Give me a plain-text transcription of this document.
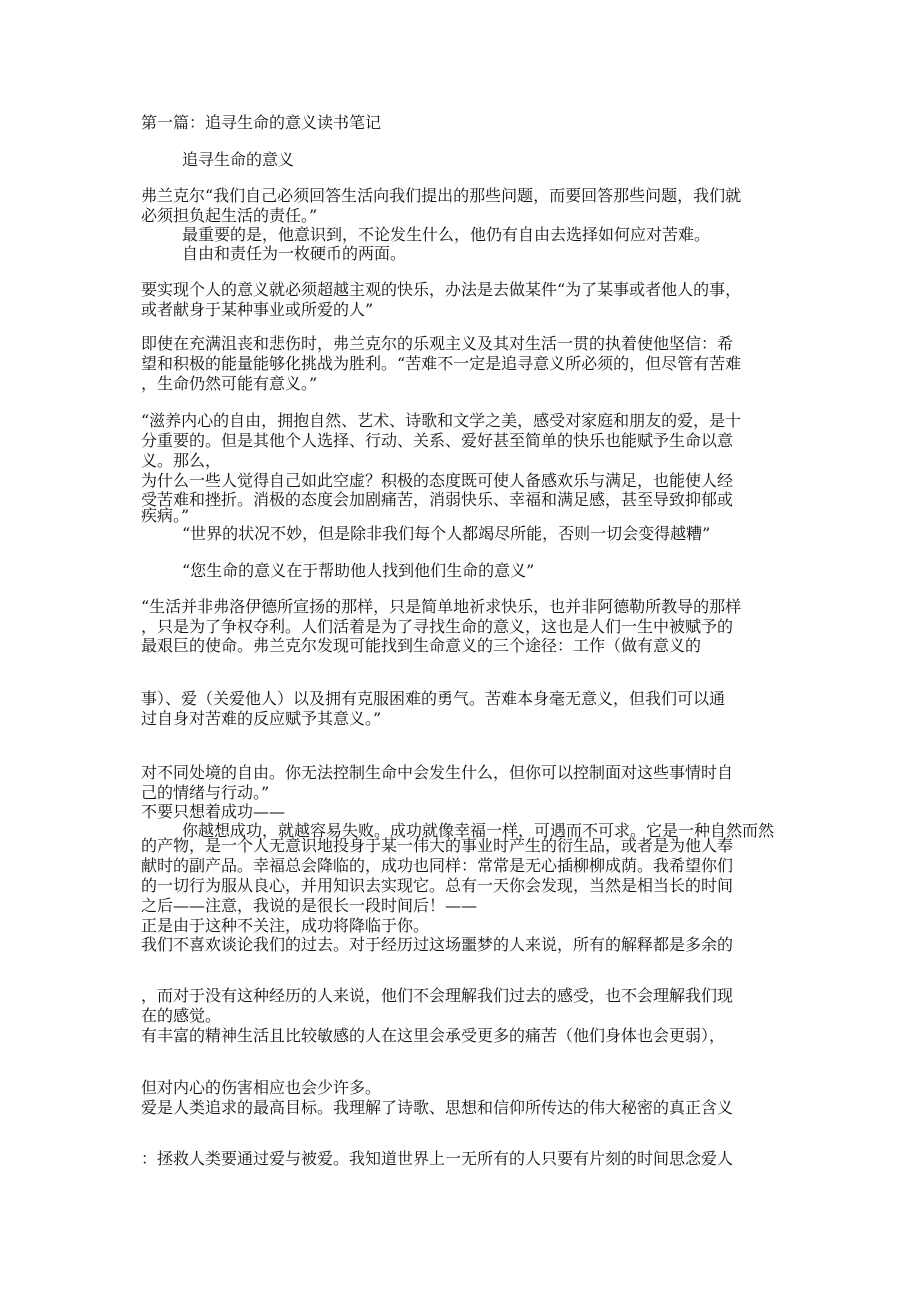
第一篇：追寻生命的意义读书笔记
追寻生命的意义
弗兰克尔“我们自己必须回答生活向我们提出的那些问题，而要回答那些问题，我们就
必须担负起生活的责任。”
最重要的是，他意识到，不论发生什么，他仍有自由去选择如何应对苦难。
自由和责任为一枚硬币的两面。
要实现个人的意义就必须超越主观的快乐，办法是去做某件“为了某事或者他人的事，
或者献身于某种事业或所爱的人”
即使在充满沮丧和悲伤时，弗兰克尔的乐观主义及其对生活一贯的执着使他坚信：希
望和积极的能量能够化挑战为胜利。“苦难不一定是追寻意义所必须的，但尽管有苦难
，生命仍然可能有意义。”
“滋养内心的自由，拥抱自然、艺术、诗歌和文学之美，感受对家庭和朋友的爱，是十
分重要的。但是其他个人选择、行动、关系、爱好甚至简单的快乐也能赋予生命以意
义。那么，
为什么一些人觉得自己如此空虚？积极的态度既可使人备感欢乐与满足，也能使人经
受苦难和挫折。消极的态度会加剧痛苦，消弱快乐、幸福和满足感，甚至导致抑郁或
疾病。”
“世界的状况不妙，但是除非我们每个人都竭尽所能，否则一切会变得越糟”
“您生命的意义在于帮助他人找到他们生命的意义”
“生活并非弗洛伊德所宣扬的那样，只是简单地祈求快乐，也并非阿德勒所教导的那样
，只是为了争权夺利。人们活着是为了寻找生命的意义，这也是人们一生中被赋予的
最艰巨的使命。弗兰克尔发现可能找到生命意义的三个途径：工作（做有意义的
事）、爱（关爱他人）以及拥有克服困难的勇气。苦难本身毫无意义，但我们可以通
过自身对苦难的反应赋予其意义。”
对不同处境的自由。你无法控制生命中会发生什么，但你可以控制面对这些事情时自
己的情绪与行动。”
不要只想着成功——
你越想成功，就越容易失败。成功就像幸福一样，可遇而不可求。它是一种自然而然
的产物，是一个人无意识地投身于某一伟大的事业时产生的衍生品，或者是为他人奉
献时的副产品。幸福总会降临的，成功也同样：常常是无心插柳柳成荫。我希望你们
的一切行为服从良心，并用知识去实现它。总有一天你会发现，当然是相当长的时间
之后——注意，我说的是很长一段时间后！——
正是由于这种不关注，成功将降临于你。
我们不喜欢谈论我们的过去。对于经历过这场噩梦的人来说，所有的解释都是多余的
，而对于没有这种经历的人来说，他们不会理解我们过去的感受，也不会理解我们现
在的感觉。
有丰富的精神生活且比较敏感的人在这里会承受更多的痛苦（他们身体也会更弱），
但对内心的伤害相应也会少许多。
爱是人类追求的最高目标。我理解了诗歌、思想和信仰所传达的伟大秘密的真正含义
：拯救人类要通过爱与被爱。我知道世界上一无所有的人只要有片刻的时间思念爱人
